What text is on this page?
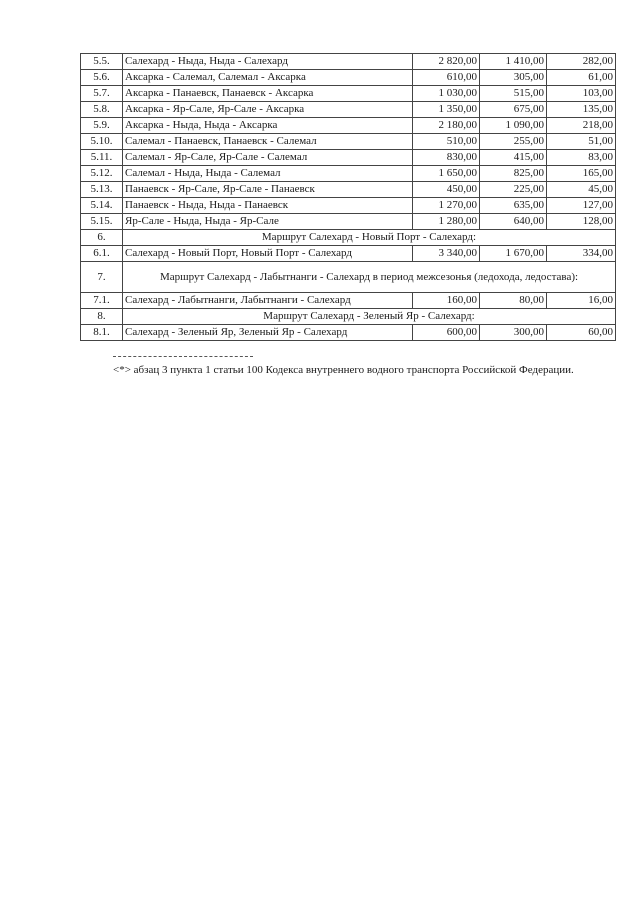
5.5.	Салехард - Ныда, Ныда - Салехард	2 820,00	1 410,00	282,00
5.6.	Аксарка - Салемал, Салемал - Аксарка	610,00	305,00	61,00
5.7.	Аксарка - Панаевск, Панаевск - Аксарка	1 030,00	515,00	103,00
5.8.	Аксарка - Яр-Сале, Яр-Сале - Аксарка	1 350,00	675,00	135,00
5.9.	Аксарка - Ныда, Ныда - Аксарка	2 180,00	1 090,00	218,00
5.10.	Салемал - Панаевск, Панаевск - Салемал	510,00	255,00	51,00
5.11.	Салемал - Яр-Сале, Яр-Сале - Салемал	830,00	415,00	83,00
5.12.	Салемал - Ныда, Ныда - Салемал	1 650,00	825,00	165,00
5.13.	Панаевск - Яр-Сале, Яр-Сале - Панаевск	450,00	225,00	45,00
5.14.	Панаевск - Ныда, Ныда - Панаевск	1 270,00	635,00	127,00
5.15.	Яр-Сале - Ныда, Ныда - Яр-Сале	1 280,00	640,00	128,00
6.	Маршрут Салехард - Новый Порт - Салехард:			
6.1.	Салехард - Новый Порт, Новый Порт - Салехард	3 340,00	1 670,00	334,00
7.	Маршрут Салехард - Лабытнанги - Салехард в период межсезонья (ледохода, ледостава):			
7.1.	Салехард - Лабытнанги, Лабытнанги - Салехард	160,00	80,00	16,00
8.	Маршрут Салехард - Зеленый Яр - Салехард:			
8.1.	Салехард - Зеленый Яр, Зеленый Яр - Салехард	600,00	300,00	60,00
<*> абзац 3 пункта 1 статьи 100 Кодекса внутреннего водного транспорта Российской Федерации.
